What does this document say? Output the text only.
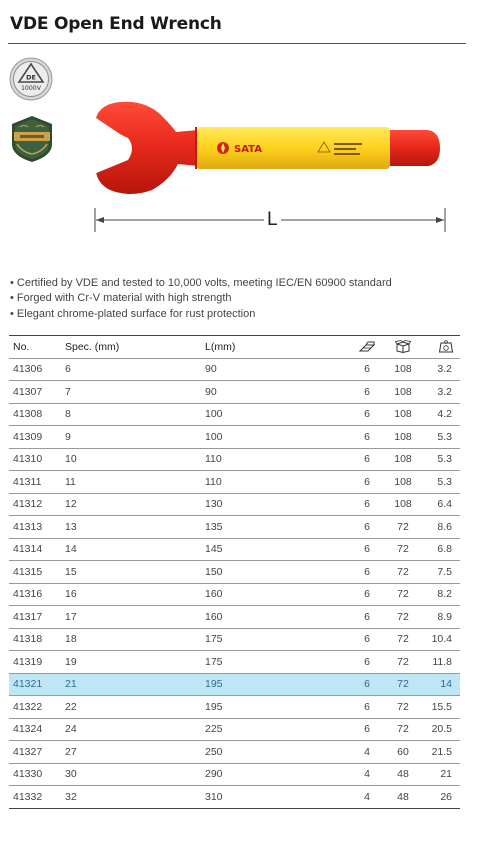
VDE Open End Wrench
DE
1000V
SATA
L
• Certified by VDE and tested to 10,000 volts, meeting IEC/EN 60900 standard
• Forged with Cr-V material with high strength
• Elegant chrome-plated surface for rust protection
No.	Spec. (mm)	L(mm)			
41306	6	90	6	108	3.2
41307	7	90	6	108	3.2
41308	8	100	6	108	4.2
41309	9	100	6	108	5.3
41310	10	110	6	108	5.3
41311	11	110	6	108	5.3
41312	12	130	6	108	6.4
41313	13	135	6	72	8.6
41314	14	145	6	72	6.8
41315	15	150	6	72	7.5
41316	16	160	6	72	8.2
41317	17	160	6	72	8.9
41318	18	175	6	72	10.4
41319	19	175	6	72	11.8
41321	21	195	6	72	14
41322	22	195	6	72	15.5
41324	24	225	6	72	20.5
41327	27	250	4	60	21.5
41330	30	290	4	48	21
41332	32	310	4	48	26
